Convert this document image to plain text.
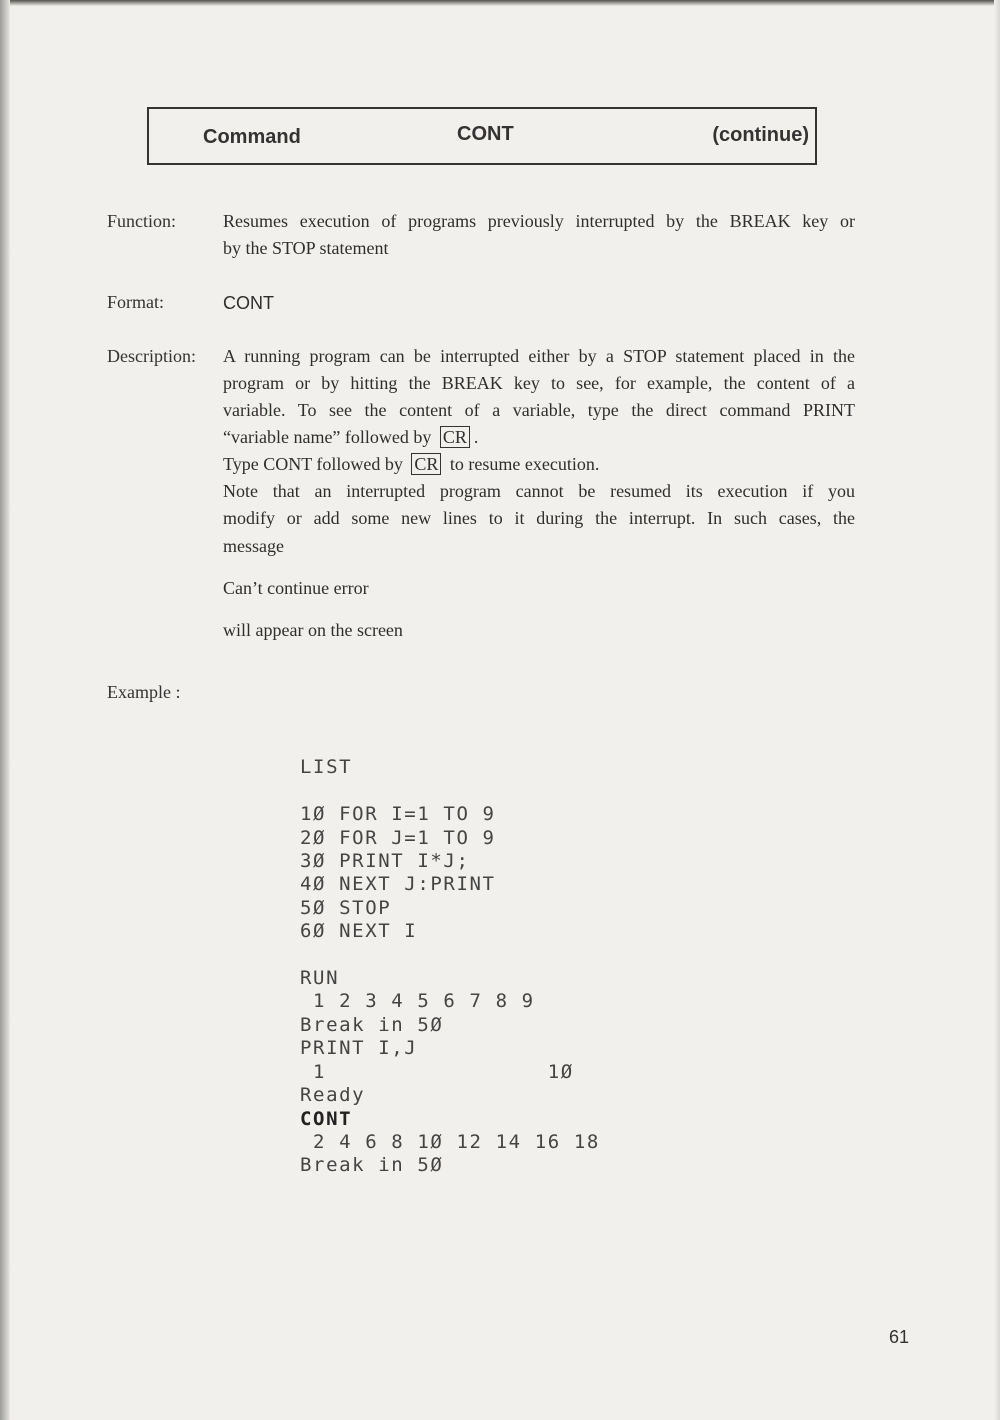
Command	CONT	(continue)
Function:	Resumes execution of programs previously interrupted by the BREAK key or
by the STOP statement
Format:	CONT
Description: A running program can be interrupted either by a STOP statement placed in the
program or by hitting the BREAK key to see, for example, the content of a
variable. To see the content of a variable, type the direct command PRINT
“variable name” followed by CR .
Type CONT followed by CR to resume execution.
Note that an interrupted program cannot be resumed its execution if you
modify or add some new lines to it during the interrupt. In such cases, the
message
Can’t continue error
will appear on the screen
Example :

LIST

1Ø FOR I=1 TO 9
2Ø FOR J=1 TO 9
3Ø PRINT I*J;
4Ø NEXT J:PRINT
5Ø STOP
6Ø NEXT I

RUN
1 2 3 4 5 6 7 8 9
Break in 5Ø
PRINT I,J
1                 1Ø
Ready
CONT
2 4 6 8 1Ø 12 14 16 18
Break in 5Ø

61
